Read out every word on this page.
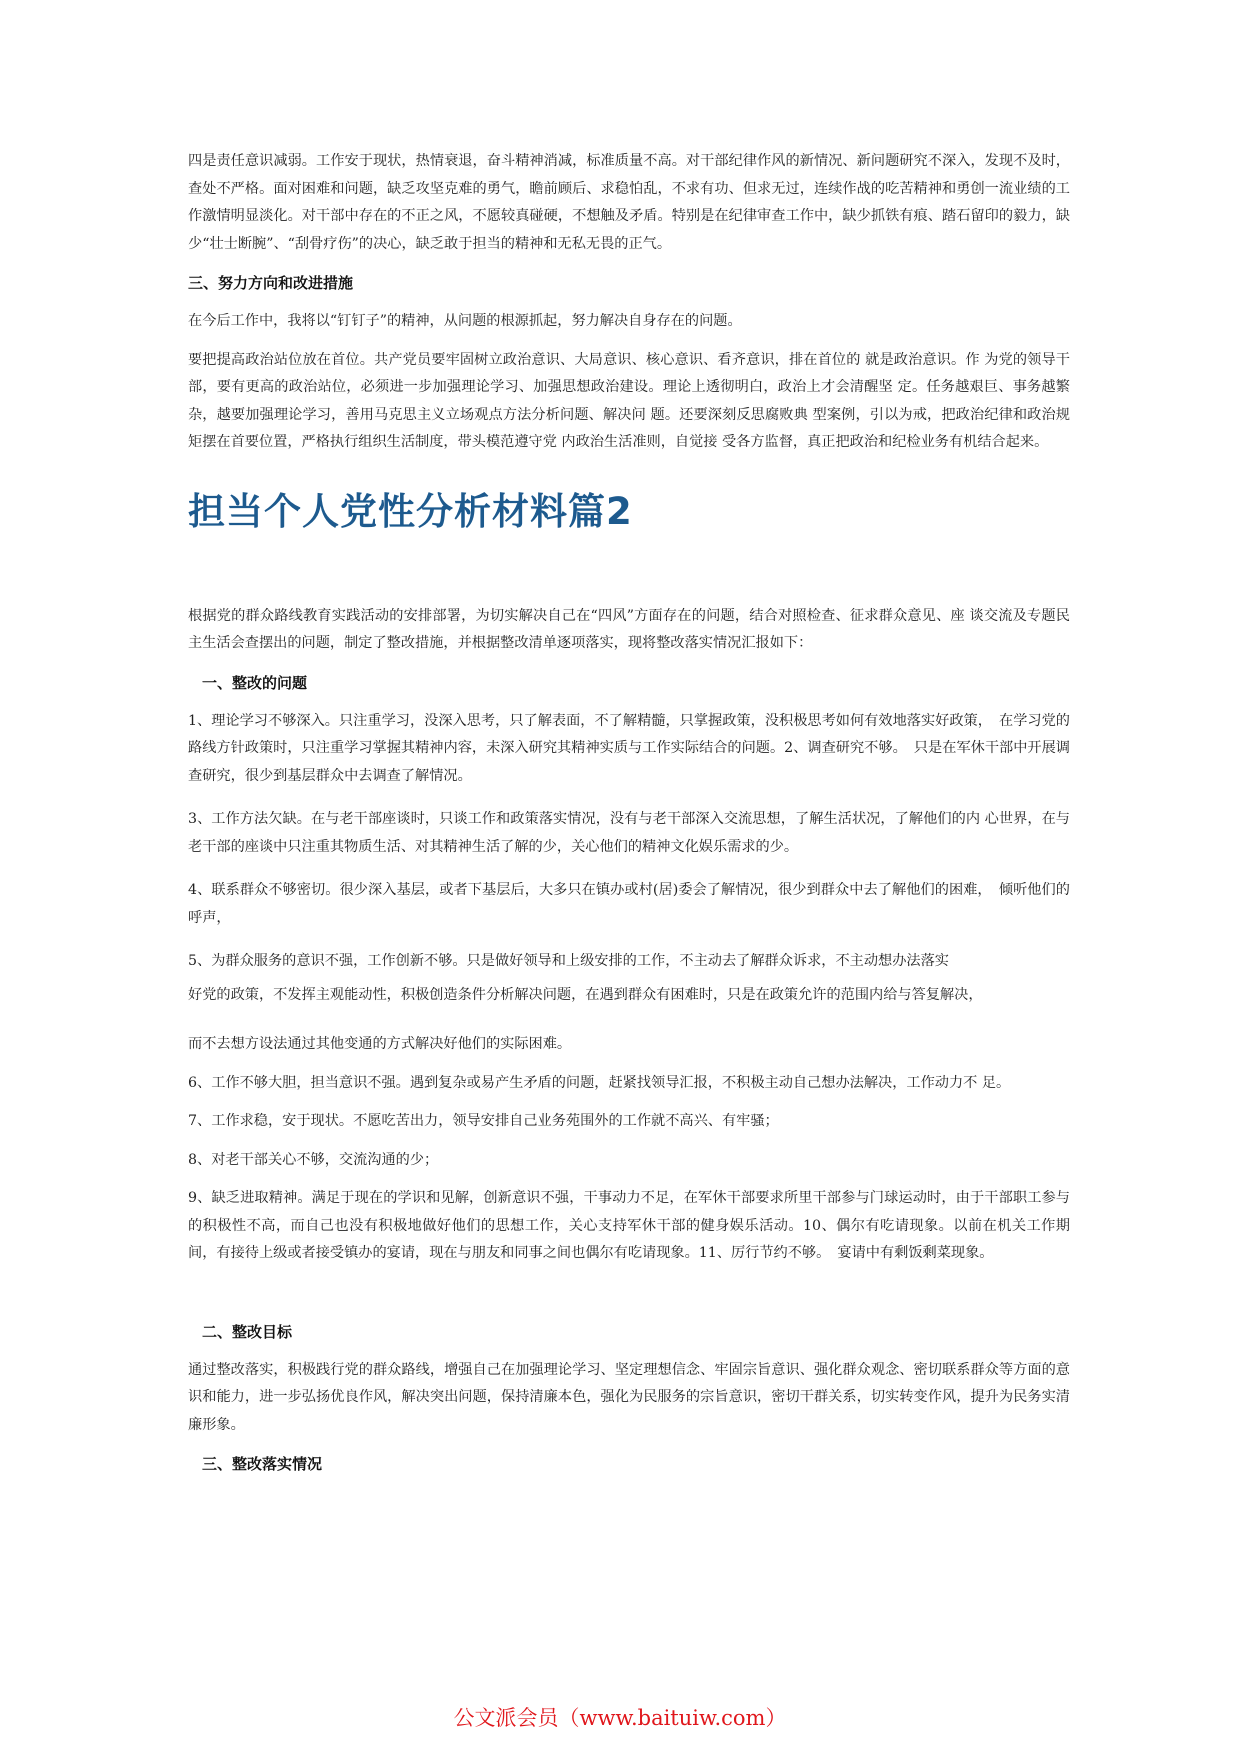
四是责任意识减弱。工作安于现状，热情衰退，奋斗精神消减，标准质量不高。对干部纪律作风的新情况、新问题研究不深入，发现不及时，查处不严格。面对困难和问题，缺乏攻坚克难的勇气，瞻前顾后、求稳怕乱，不求有功、但求无过，连续作战的吃苦精神和勇创一流业绩的工作激情明显淡化。对干部中存在的不正之风，不愿较真碰硬，不想触及矛盾。特别是在纪律审查工作中，缺少抓铁有痕、踏石留印的毅力，缺少“壮士断腕”、“刮骨疗伤”的决心，缺乏敢于担当的精神和无私无畏的正气。

三、努力方向和改进措施

在今后工作中，我将以“钉钉子”的精神，从问题的根源抓起，努力解决自身存在的问题。

要把提高政治站位放在首位。共产党员要牢固树立政治意识、大局意识、核心意识、看齐意识，排在首位的 就是政治意识。作 为党的领导干部，要有更高的政治站位，必须进一步加强理论学习、加强思想政治建设。理论上透彻明白，政治上才会清醒坚 定。任务越艰巨、事务越繁杂，越要加强理论学习，善用马克思主义立场观点方法分析问题、解决问 题。还要深刻反思腐败典 型案例，引以为戒，把政治纪律和政治规矩摆在首要位置，严格执行组织生活制度，带头模范遵守党 内政治生活准则，自觉接 受各方监督，真正把政治和纪检业务有机结合起来。

担当个人党性分析材料篇2

根据党的群众路线教育实践活动的安排部署，为切实解决自己在“四风”方面存在的问题，结合对照检查、征求群众意见、座 谈交流及专题民主生活会查摆出的问题，制定了整改措施，并根据整改清单逐项落实，现将整改落实情况汇报如下：

一、整改的问题

1、理论学习不够深入。只注重学习，没深入思考，只了解表面，不了解精髓，只掌握政策，没积极思考如何有效地落实好政策，　在学习党的路线方针政策时，只注重学习掌握其精神内容，未深入研究其精神实质与工作实际结合的问题。2、调查研究不够。　只是在军休干部中开展调查研究，很少到基层群众中去调查了解情况。

3、工作方法欠缺。在与老干部座谈时，只谈工作和政策落实情况，没有与老干部深入交流思想，了解生活状况，了解他们的内 心世界，在与老干部的座谈中只注重其物质生活、对其精神生活了解的少，关心他们的精神文化娱乐需求的少。

4、联系群众不够密切。很少深入基层，或者下基层后，大多只在镇办或村(居)委会了解情况，很少到群众中去了解他们的困难，　倾听他们的呼声，

5、为群众服务的意识不强，工作创新不够。只是做好领导和上级安排的工作，不主动去了解群众诉求，不主动想办法落实

好党的政策，不发挥主观能动性，积极创造条件分析解决问题，在遇到群众有困难时，只是在政策允许的范围内给与答复解决，

而不去想方设法通过其他变通的方式解决好他们的实际困难。

6、工作不够大胆，担当意识不强。遇到复杂或易产生矛盾的问题，赶紧找领导汇报，不积极主动自己想办法解决，工作动力不 足。

7、工作求稳，安于现状。不愿吃苦出力，领导安排自己业务苑围外的工作就不高兴、有牢骚；

8、对老干部关心不够，交流沟通的少；

9、缺乏进取精神。满足于现在的学识和见解，创新意识不强，干事动力不足，在军休干部要求所里干部参与门球运动时，由于干部职工参与的积极性不高，而自己也没有积极地做好他们的思想工作，关心支持军休干部的健身娱乐活动。10、偶尔有吃请现象。以前在机关工作期间，有接待上级或者接受镇办的宴请，现在与朋友和同事之间也偶尔有吃请现象。11、厉行节约不够。　宴请中有剩饭剩菜现象。

二、整改目标

通过整改落实，积极践行党的群众路线，增强自己在加强理论学习、坚定理想信念、牢固宗旨意识、强化群众观念、密切联系群众等方面的意识和能力，进一步弘扬优良作风，解决突出问题，保持清廉本色，强化为民服务的宗旨意识，密切干群关系，切实转变作风，提升为民务实清廉形象。

三、整改落实情况
公文派会员（www.baituiw.com）
